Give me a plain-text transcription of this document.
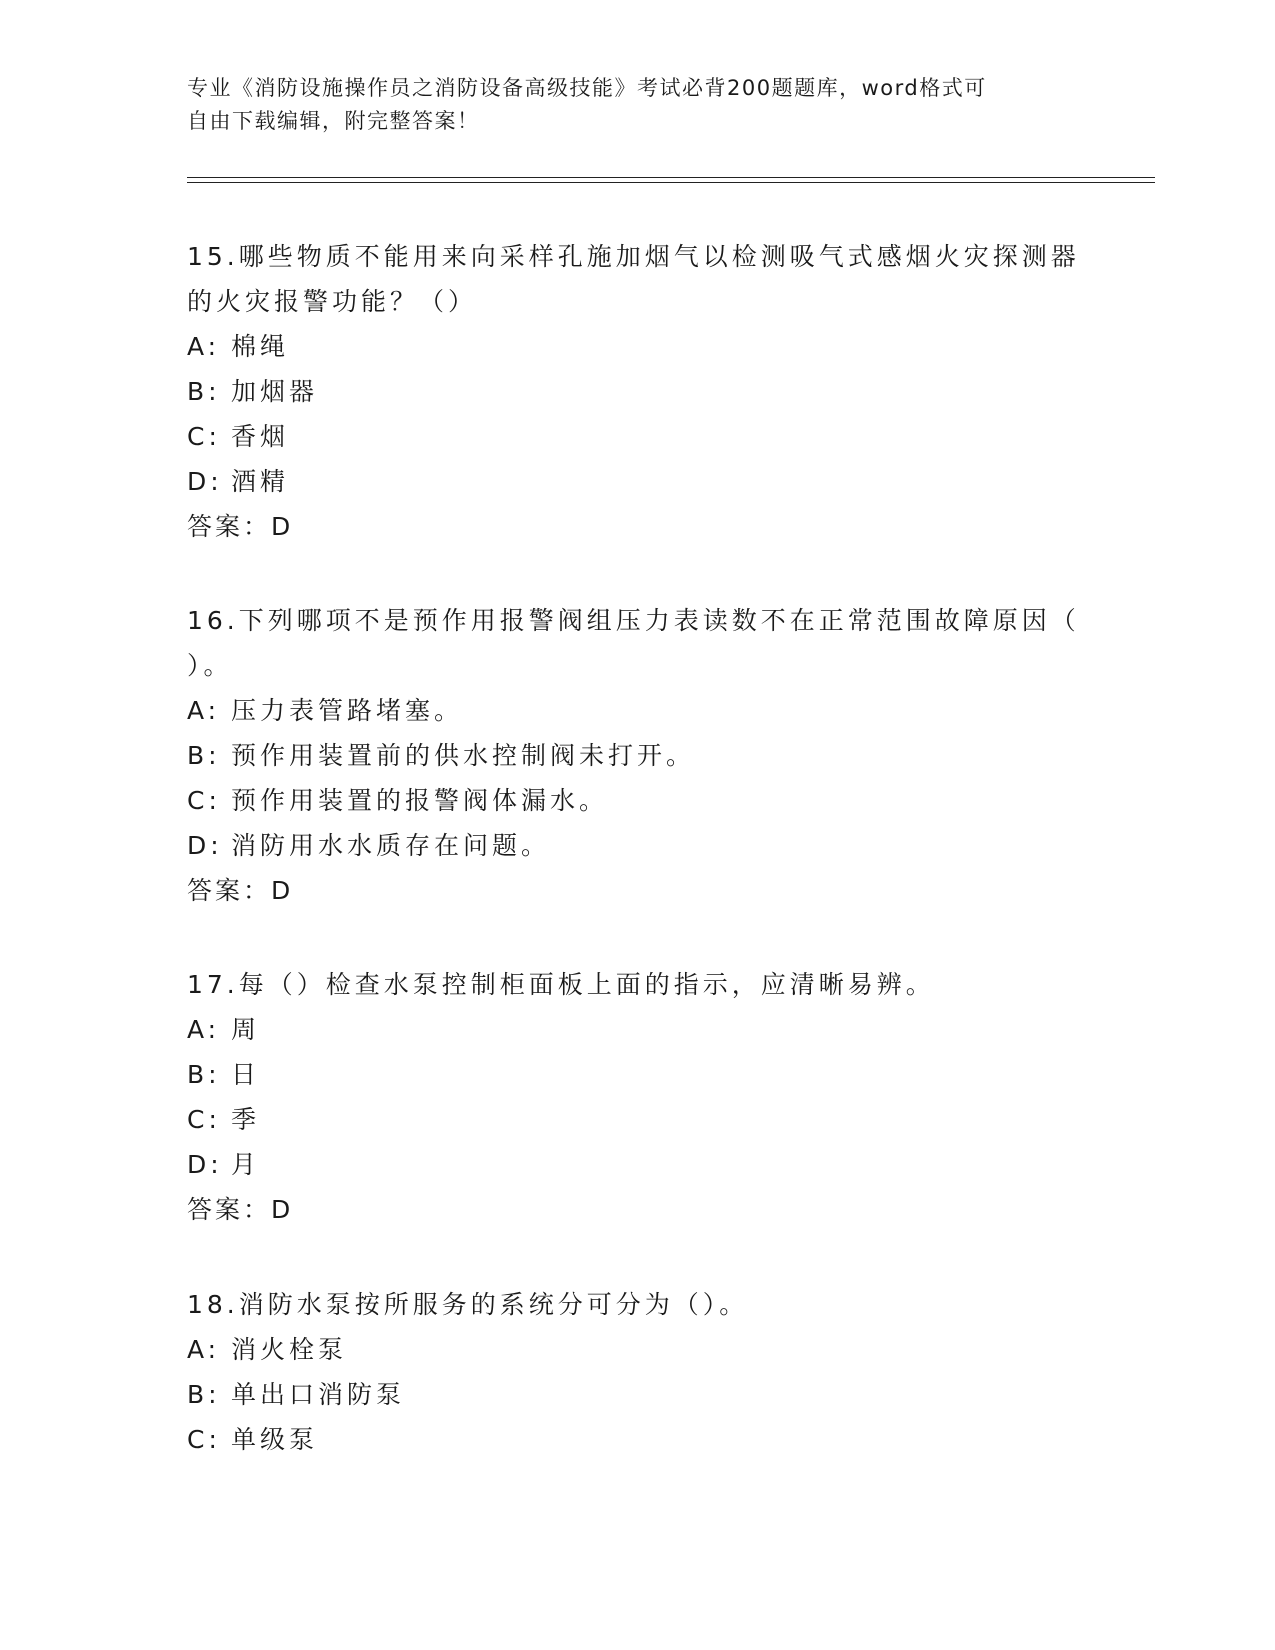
专业《消防设施操作员之消防设备高级技能》考试必背200题题库，word格式可
自由下载编辑，附完整答案！

15.哪些物质不能用来向采样孔施加烟气以检测吸气式感烟火灾探测器

的火灾报警功能？（）

A: 棉绳

B: 加烟器

C: 香烟

D: 酒精

答案：D

16.下列哪项不是预作用报警阀组压力表读数不在正常范围故障原因（

）。

A: 压力表管路堵塞。

B: 预作用装置前的供水控制阀未打开。

C: 预作用装置的报警阀体漏水。

D: 消防用水水质存在问题。

答案：D

17.每（）检查水泵控制柜面板上面的指示，应清晰易辨。

A: 周

B: 日

C: 季

D: 月

答案：D

18.消防水泵按所服务的系统分可分为（）。

A: 消火栓泵

B: 单出口消防泵

C: 单级泵
